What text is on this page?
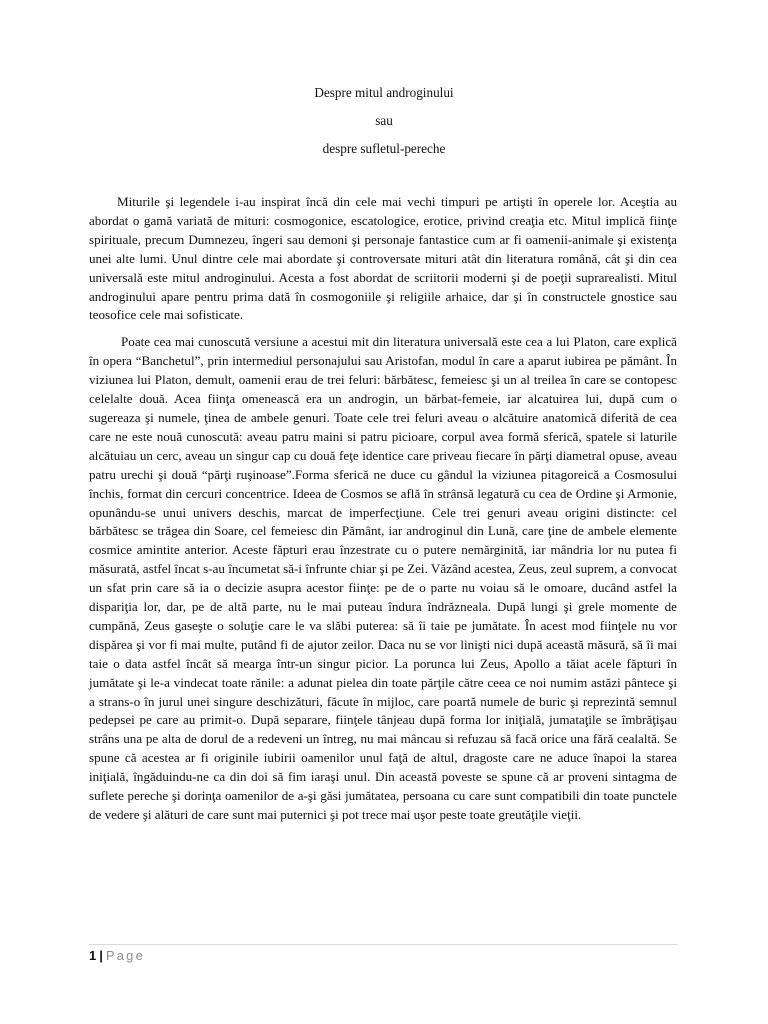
Despre mitul androginului
sau
despre sufletul-pereche

Miturile şi legendele i-au inspirat încă din cele mai vechi timpuri pe artişti în operele lor. Aceştia au abordat o gamă variată de mituri: cosmogonice, escatologice, erotice, privind creaţia etc. Mitul implică fiinţe spirituale, precum Dumnezeu, îngeri sau demoni şi personaje fantastice cum ar fi oamenii-animale şi existenţa unei alte lumi. Unul dintre cele mai abordate şi controversate mituri atât din literatura română, cât şi din cea universală este mitul androginului. Acesta a fost abordat de scriitorii moderni şi de poeţii suprarealisti. Mitul androginului apare pentru prima dată în cosmogoniile şi religiile arhaice, dar şi în constructele gnostice sau teosofice cele mai sofisticate.

Poate cea mai cunoscută versiune a acestui mit din literatura universală este cea a lui Platon, care explică în opera “Banchetul”, prin intermediul personajului sau Aristofan, modul în care a aparut iubirea pe pământ. În viziunea lui Platon, demult, oamenii erau de trei feluri: bărbătesc, femeiesc şi un al treilea în care se contopesc celelalte două. Acea fiinţa omenească era un androgin, un bărbat-femeie, iar alcatuirea lui, după cum o sugereaza şi numele, ţinea de ambele genuri. Toate cele trei feluri aveau o alcătuire anatomică diferită de cea care ne este nouă cunoscută: aveau patru maini si patru picioare, corpul avea formă sferică, spatele si laturile alcătuiau un cerc, aveau un singur cap cu două feţe identice care priveau fiecare în părţi diametral opuse, aveau patru urechi şi două “părţi ruşinoase”.Forma sferică ne duce cu gândul la viziunea pitagoreică a Cosmosului închis, format din cercuri concentrice. Ideea de Cosmos se află în strânsă legatură cu cea de Ordine şi Armonie, opunându-se unui univers deschis, marcat de imperfecţiune. Cele trei genuri aveau origini distincte: cel bărbătesc se trăgea din Soare, cel femeiesc din Pământ, iar androginul din Lună, care ţine de ambele elemente cosmice amintite anterior. Aceste făpturi erau înzestrate cu o putere nemărginită, iar mândria lor nu putea fi măsurată, astfel încat s-au încumetat să-i înfrunte chiar şi pe Zei. Văzând acestea, Zeus, zeul suprem, a convocat un sfat prin care să ia o decizie asupra acestor fiinţe: pe de o parte nu voiau să le omoare, ducând astfel la dispariţia lor, dar, pe de altă parte, nu le mai puteau îndura îndrăzneala. După lungi şi grele momente de cumpănă, Zeus gaseşte o soluţie care le va slăbi puterea: să îi taie pe jumătate. În acest mod fiinţele nu vor dispărea şi vor fi mai multe, putând fi de ajutor zeilor. Daca nu se vor linişti nici după această măsură, să îi mai taie o data astfel încât să mearga într-un singur picior. La porunca lui Zeus, Apollo a tăiat acele făpturi în jumătate şi le-a vindecat toate rănile: a adunat pielea din toate părţile către ceea ce noi numim astăzi pântece şi a strans-o în jurul unei singure deschizături, făcute în mijloc, care poartă numele de buric şi reprezintă semnul pedepsei pe care au primit-o. După separare, fiinţele tânjeau după forma lor iniţială, jumataţile se îmbrăţişau strâns una pe alta de dorul de a redeveni un întreg, nu mai mâncau si refuzau să facă orice una fără cealaltă. Se spune că acestea ar fi originile iubirii oamenilor unul faţă de altul, dragoste care ne aduce înapoi la starea iniţială, îngăduindu-ne ca din doi să fim iaraşi unul. Din această poveste se spune că ar proveni sintagma de suflete pereche şi dorinţa oamenilor de a-şi găsi jumătatea, persoana cu care sunt compatibili din toate punctele de vedere şi alături de care sunt mai puternici şi pot trece mai uşor peste toate greutăţile vieţii.

1 | Page
